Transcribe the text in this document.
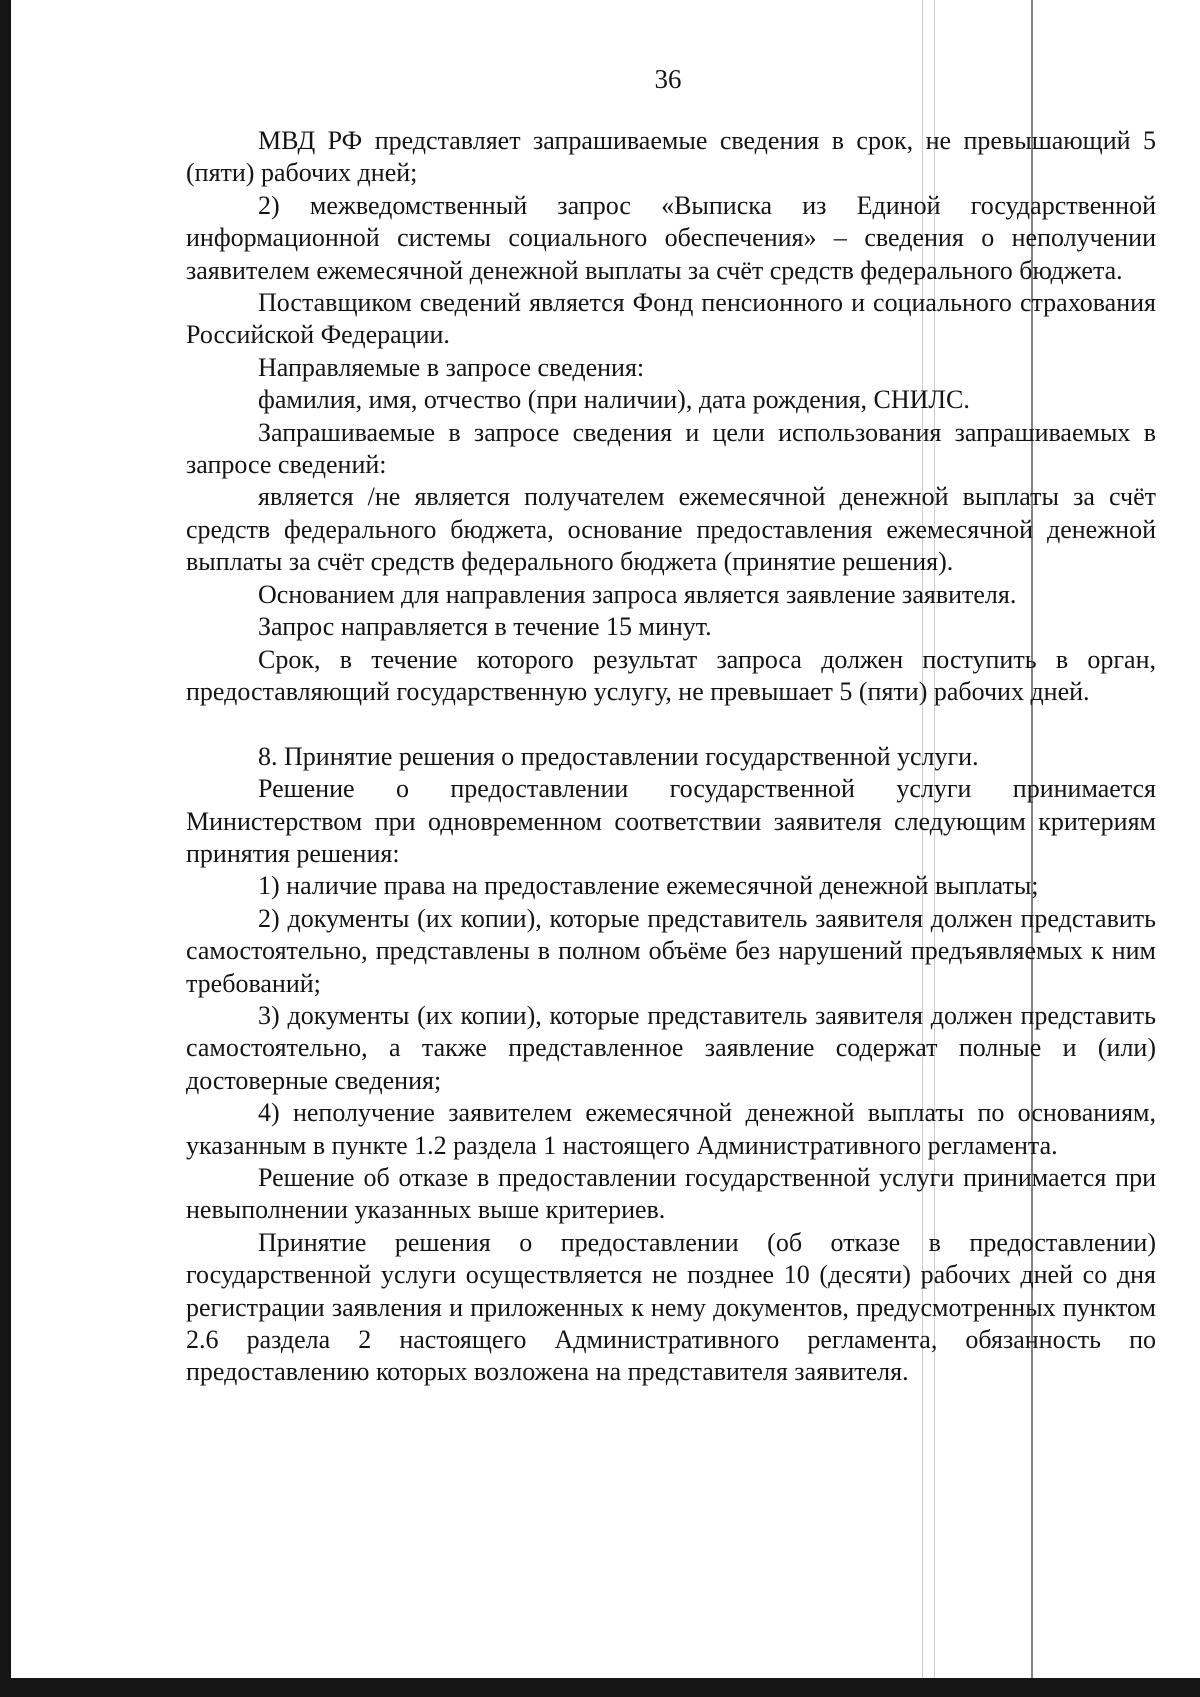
36

МВД РФ представляет запрашиваемые сведения в срок, не превышающий 5 (пяти) рабочих дней;

2) межведомственный запрос «Выписка из Единой государственной информационной системы социального обеспечения» – сведения о неполучении заявителем ежемесячной денежной выплаты за счёт средств федерального бюджета.

Поставщиком сведений является Фонд пенсионного и социального страхования Российской Федерации.

Направляемые в запросе сведения:

фамилия, имя, отчество (при наличии), дата рождения, СНИЛС.

Запрашиваемые в запросе сведения и цели использования запрашиваемых в запросе сведений:

является /не является получателем ежемесячной денежной выплаты за счёт средств федерального бюджета, основание предоставления ежемесячной денежной выплаты за счёт средств федерального бюджета (принятие решения).

Основанием для направления запроса является заявление заявителя.

Запрос направляется в течение 15 минут.

Срок, в течение которого результат запроса должен поступить в орган, предоставляющий государственную услугу, не превышает 5 (пяти) рабочих дней.

8. Принятие решения о предоставлении государственной услуги.

Решение о предоставлении государственной услуги принимается Министерством при одновременном соответствии заявителя следующим критериям принятия решения:

1) наличие права на предоставление ежемесячной денежной выплаты;

2) документы (их копии), которые представитель заявителя должен представить самостоятельно, представлены в полном объёме без нарушений предъявляемых к ним требований;

3) документы (их копии), которые представитель заявителя должен представить самостоятельно, а также представленное заявление содержат полные и (или) достоверные сведения;

4) неполучение заявителем ежемесячной денежной выплаты по основаниям, указанным в пункте 1.2 раздела 1 настоящего Административного регламента.

Решение об отказе в предоставлении государственной услуги принимается при невыполнении указанных выше критериев.

Принятие решения о предоставлении (об отказе в предоставлении) государственной услуги осуществляется не позднее 10 (десяти) рабочих дней со дня регистрации заявления и приложенных к нему документов, предусмотренных пунктом 2.6 раздела 2 настоящего Административного регламента, обязанность по предоставлению которых возложена на представителя заявителя.
